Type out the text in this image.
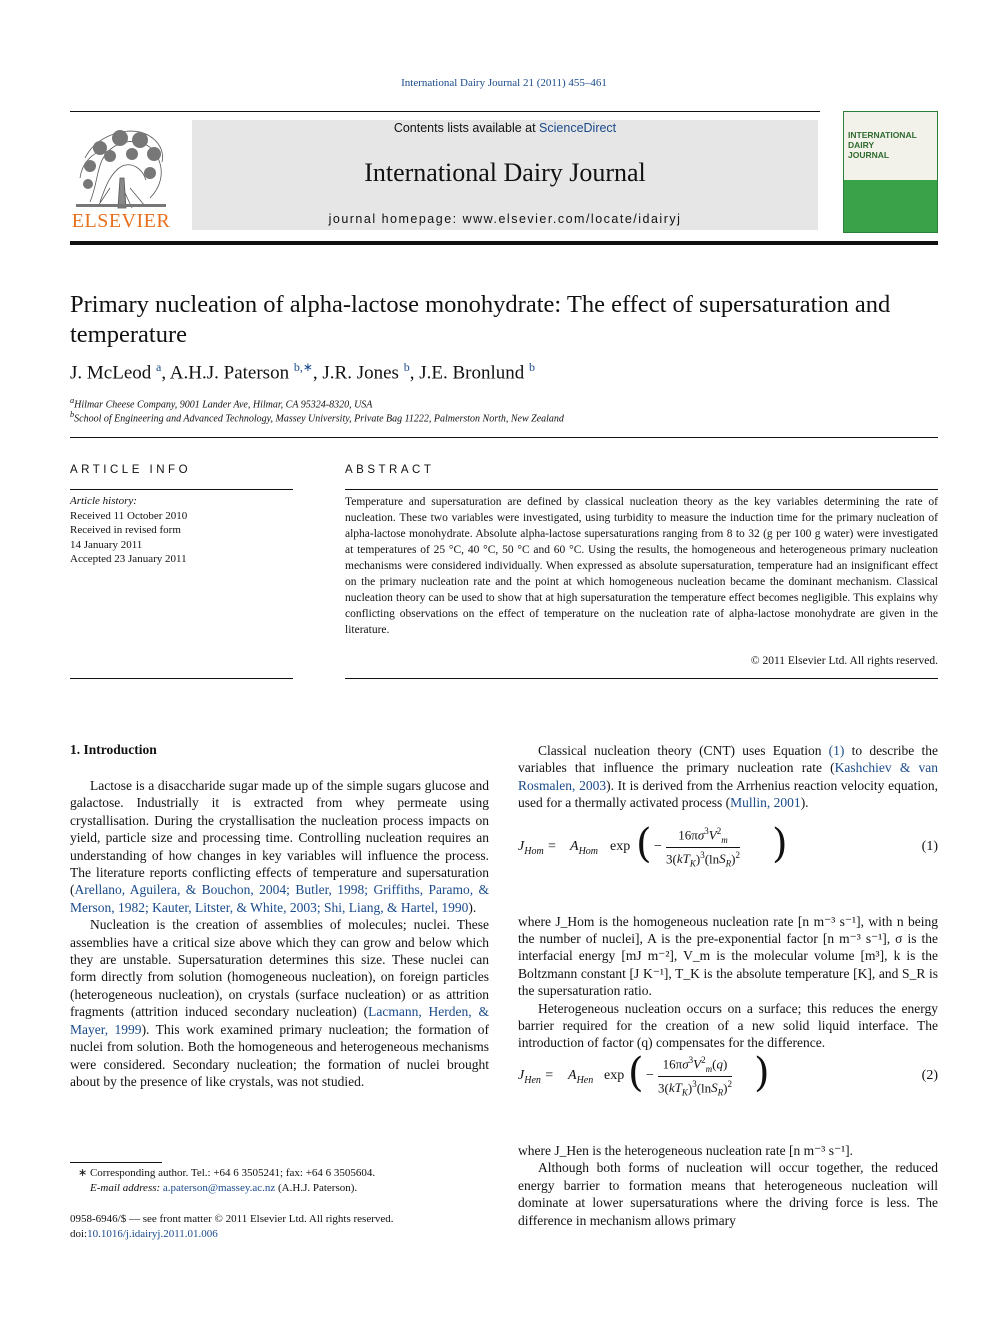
International Dairy Journal 21 (2011) 455–461
ELSEVIER
Contents lists available at ScienceDirect
International Dairy Journal
journal homepage: www.elsevier.com/locate/idairyj
INTERNATIONAL
DAIRY
JOURNAL
Primary nucleation of alpha-lactose monohydrate: The effect of supersaturation and temperature
J. McLeod $^a$, A.H.J. Paterson $^{b,∗}$, J.R. Jones $^b$, J.E. Bronlund $^b$
$^a$Hilmar Cheese Company, 9001 Lander Ave, Hilmar, CA 95324-8320, USA
$^b$School of Engineering and Advanced Technology, Massey University, Private Bag 11222, Palmerston North, New Zealand
ARTICLE INFO	ABSTRACT
Article history:
Received 11 October 2010
Received in revised form
14 January 2011
Accepted 23 January 2011
Temperature and supersaturation are defined by classical nucleation theory as the key variables determining the rate of nucleation. These two variables were investigated, using turbidity to measure the induction time for the primary nucleation of alpha-lactose monohydrate. Absolute alpha-lactose supersaturations ranging from 8 to 32 (g per 100 g water) were investigated at temperatures of 25 °C, 40 °C, 50 °C and 60 °C. Using the results, the homogeneous and heterogeneous primary nucleation mechanisms were considered individually. When expressed as absolute supersaturation, temperature had an insignificant effect on the primary nucleation rate and the point at which homogeneous nucleation became the dominant mechanism. Classical nucleation theory can be used to show that at high supersaturation the temperature effect becomes negligible. This explains why conflicting observations on the effect of temperature on the nucleation rate of alpha-lactose monohydrate are given in the literature.
© 2011 Elsevier Ltd. All rights reserved.
1. Introduction

Lactose is a disaccharide sugar made up of the simple sugars glucose and galactose. Industrially it is extracted from whey permeate using crystallisation. During the crystallisation the nucleation process impacts on yield, particle size and processing time. Controlling nucleation requires an understanding of how changes in key variables will influence the process. The literature reports conflicting effects of temperature and supersaturation (Arellano, Aguilera, & Bouchon, 2004; Butler, 1998; Griffiths, Paramo, & Merson, 1982; Kauter, Litster, & White, 2003; Shi, Liang, & Hartel, 1990).

Nucleation is the creation of assemblies of molecules; nuclei. These assemblies have a critical size above which they can grow and below which they are unstable. Supersaturation determines this size. These nuclei can form directly from solution (homogeneous nucleation), on foreign particles (heterogeneous nucleation), on crystals (surface nucleation) or as attrition fragments (attrition induced secondary nucleation) (Lacmann, Herden, & Mayer, 1999). This work examined primary nucleation; the formation of nuclei from solution. Both the homogeneous and heterogeneous mechanisms were considered. Secondary nucleation; the formation of nuclei brought about by the presence of like crystals, was not studied.

Classical nucleation theory (CNT) uses Equation (1) to describe the variables that influence the primary nucleation rate (Kashchiev & van Rosmalen, 2003). It is derived from the Arrhenius reaction velocity equation, used for a thermally activated process (Mullin, 2001).

where J_Hom is the homogeneous nucleation rate [n m⁻³ s⁻¹], with n being the number of nuclei], A is the pre-exponential factor [n m⁻³ s⁻¹], σ is the interfacial energy [mJ m⁻²], V_m is the molecular volume [m³], k is the Boltzmann constant [J K⁻¹], T_K is the absolute temperature [K], and S_R is the supersaturation ratio.

Heterogeneous nucleation occurs on a surface; this reduces the energy barrier required for the creation of a new solid liquid interface. The introduction of factor (q) compensates for the difference.

where J_Hen is the heterogeneous nucleation rate [n m⁻³ s⁻¹].

Although both forms of nucleation will occur together, the reduced energy barrier to formation means that heterogeneous nucleation will dominate at lower supersaturations where the driving force is less. The difference in mechanism allows primary

$J_{Hom} = A_{Hom}$ exp ( −
$16\pi\sigma^3V^2_m$
$3(kT_K)^3(\ln S_R)^2$ )	(1)
$J_{Hen} = A_{Hen}$ exp ( −
$16\pi\sigma^3V^2_m(q)$
$3(kT_K)^3(\ln S_R)^2$ )	(2)
∗ Corresponding author. Tel.: +64 6 3505241; fax: +64 6 3505604.
E-mail address: a.paterson@massey.ac.nz (A.H.J. Paterson).
0958-6946/$ — see front matter © 2011 Elsevier Ltd. All rights reserved.
doi:10.1016/j.idairyj.2011.01.006
